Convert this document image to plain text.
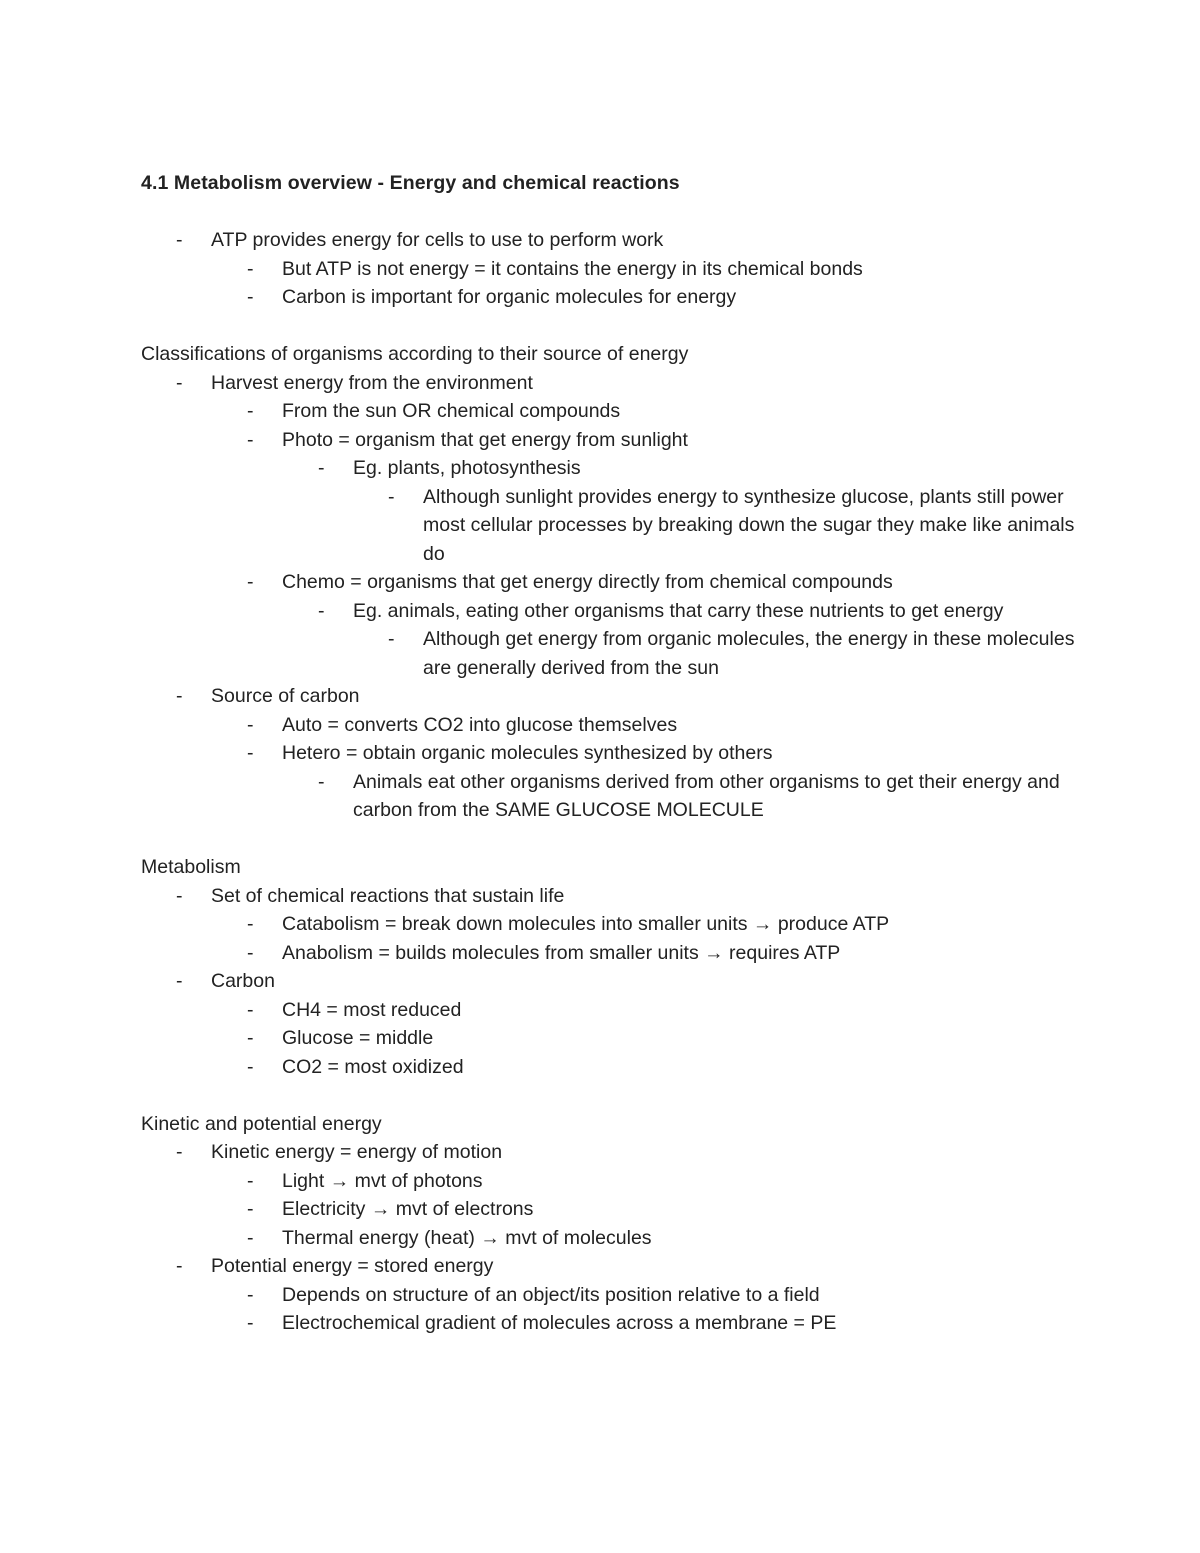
4.1 Metabolism overview - Energy and chemical reactions

- ATP provides energy for cells to use to perform work
- But ATP is not energy = it contains the energy in its chemical bonds
- Carbon is important for organic molecules for energy

Classifications of organisms according to their source of energy

- Harvest energy from the environment
- From the sun OR chemical compounds
- Photo = organism that get energy from sunlight
- Eg. plants, photosynthesis
- Although sunlight provides energy to synthesize glucose, plants still power most cellular processes by breaking down the sugar they make like animals do
- Chemo = organisms that get energy directly from chemical compounds
- Eg. animals, eating other organisms that carry these nutrients to get energy
- Although get energy from organic molecules, the energy in these molecules are generally derived from the sun
- Source of carbon
- Auto = converts CO2 into glucose themselves
- Hetero = obtain organic molecules synthesized by others
- Animals eat other organisms derived from other organisms to get their energy and carbon from the SAME GLUCOSE MOLECULE

Metabolism

- Set of chemical reactions that sustain life
- Catabolism = break down molecules into smaller units → produce ATP
- Anabolism = builds molecules from smaller units → requires ATP
- Carbon
- CH4 = most reduced
- Glucose = middle
- CO2 = most oxidized

Kinetic and potential energy

- Kinetic energy = energy of motion
- Light → mvt of photons
- Electricity → mvt of electrons
- Thermal energy (heat) → mvt of molecules
- Potential energy = stored energy
- Depends on structure of an object/its position relative to a field
- Electrochemical gradient of molecules across a membrane = PE
